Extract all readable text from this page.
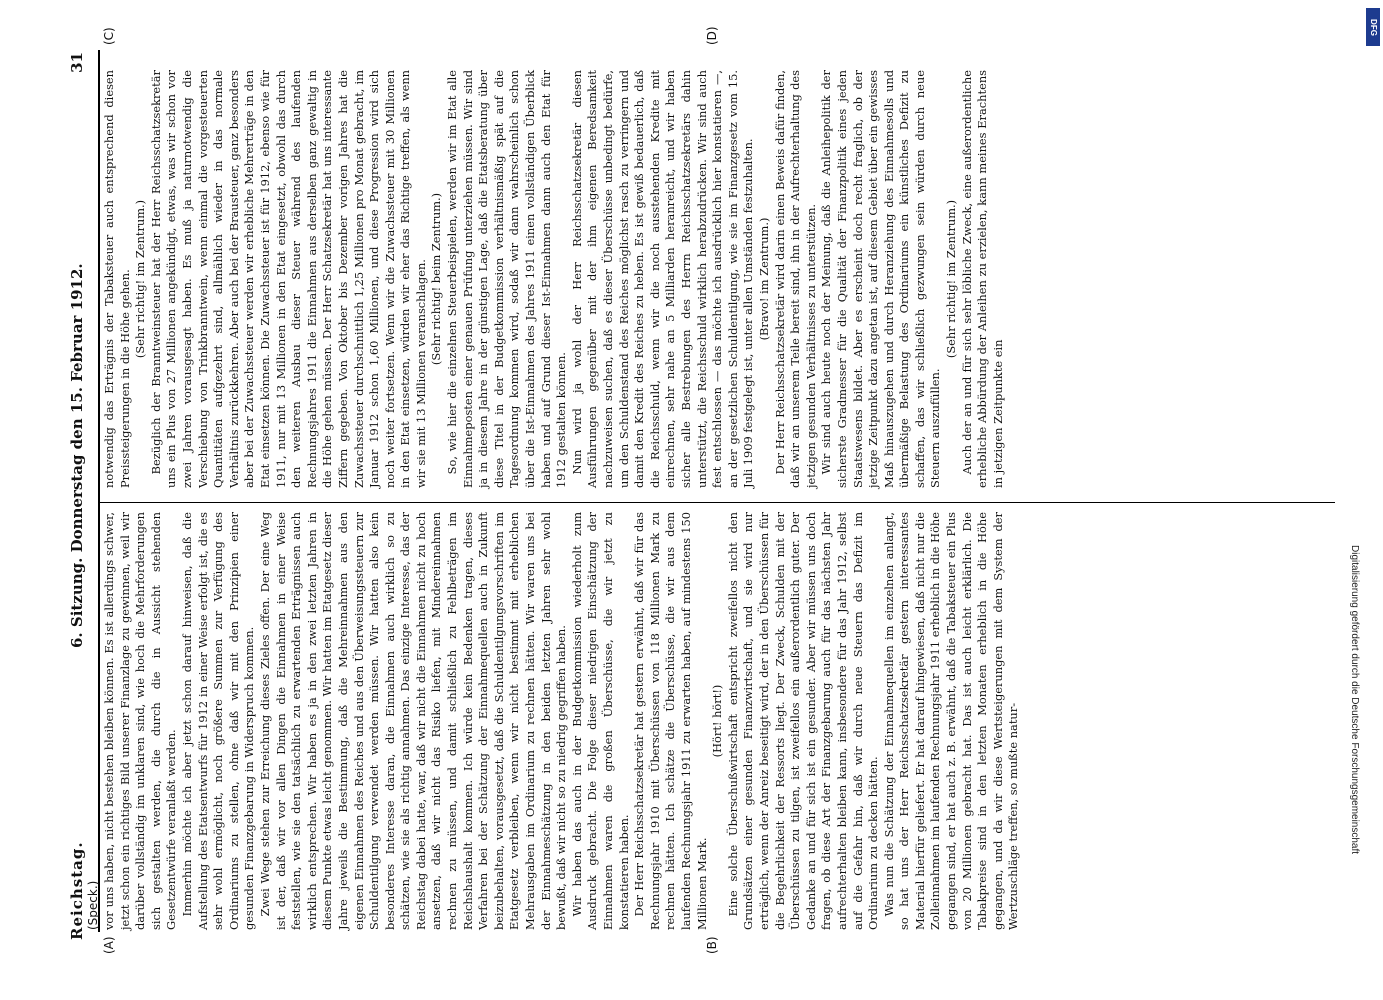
Reichstag.
6. Sitzung. Donnerstag den 15. Februar 1912.
31
(Speck.)
(A)	(B)
(C)	(D)

vor uns haben, nicht bestehen bleiben können. Es ist allerdings schwer, jetzt schon ein richtiges Bild unserer Finanzlage zu gewinnen, weil wir darüber vollständig im unklaren sind, wie hoch die Mehrforderungen sich gestalten werden, die durch die in Aussicht stehenden Gesetzentwürfe veranlaßt werden. Immerhin möchte ich aber jetzt schon darauf hinweisen, daß die Aufstellung des Etatsentwurfs für 1912 in einer Weise erfolgt ist, die es sehr wohl ermöglicht, noch größere Summen zur Verfügung des Ordinariums zu stellen, ohne daß wir mit den Prinzipien einer gesunden Finanzgebarung in Widerspruch kommen. Zwei Wege stehen zur Erreichung dieses Zieles offen. Der eine Weg ist der, daß wir vor allen Dingen die Einnahmen in einer Weise feststellen, wie sie den tatsächlich zu erwartenden Erträgnissen auch wirklich entsprechen. Wir haben es ja in den zwei letzten Jahren in diesem Punkte etwas leicht genommen. Wir hatten im Etatgesetz dieser Jahre jeweils die Bestimmung, daß die Mehreinnahmen aus den eigenen Einnahmen des Reiches und aus den Überweisungssteuern zur Schuldentilgung verwendet werden müssen. Wir hatten also kein besonderes Interesse daran, die Einnahmen auch wirklich so zu schätzen, wie sie als richtig annahmen. Das einzige Interesse, das der Reichstag dabei hatte, war, daß wir nicht die Einnahmen nicht zu hoch ansetzen, daß wir nicht das Risiko liefen, mit Mindereinnahmen rechnen zu müssen, und damit schließlich zu Fehlbeträgen im Reichshaushalt kommen. Ich würde kein Bedenken tragen, dieses Verfahren bei der Schätzung der Einnahmequellen auch in Zukunft beizubehalten, vorausgesetzt, daß die Schuldentilgungsvorschriften im Etatgesetz verbleiben, wenn wir nicht bestimmt mit erheblichen Mehrausgaben im Ordinarium zu rechnen hätten. Wir waren uns bei der Einnahmeschätzung in den beiden letzten Jahren sehr wohl bewußt, daß wir nicht so zu niedrig gegriffen haben. Wir haben das auch in der Budgetkommission wiederholt zum Ausdruck gebracht. Die Folge dieser niedrigen Einschätzung der Einnahmen waren die großen Überschüsse, die wir jetzt zu konstatieren haben. Der Herr Reichsschatzsekretär hat gestern erwähnt, daß wir für das Rechnungsjahr 1910 mit Überschüssen von 118 Millionen Mark zu rechnen hätten. Ich schätze die Überschüsse, die wir aus dem laufenden Rechnungsjahr 1911 zu erwarten haben, auf mindestens 150 Millionen Mark.

(Hört! hört!) Eine solche Überschußwirtschaft entspricht zweifellos nicht den Grundsätzen einer gesunden Finanzwirtschaft, und sie wird nur erträglich, wenn der Anreiz beseitigt wird, der in den Überschüssen für die Begehrlichkeit der Ressorts liegt. Der Zweck, Schulden mit der Überschüssen zu tilgen, ist zweifellos ein außerordentlich guter. Der Gedanke an und für sich ist ein gesunder. Aber wir müssen uns doch fragen, ob diese Art der Finanzgebarung auch für das nächsten Jahr aufrechterhalten bleiben kann, insbesondere für das Jahr 1912, selbst auf die Gefahr hin, daß wir durch neue Steuern das Defizit im Ordinarium zu decken hätten. Was nun die Schätzung der Einnahmequellen im einzelnen anlangt, so hat uns der Herr Reichsschatzsekretär gestern interessantes Material hierfür geliefert. Er hat darauf hingewiesen, daß nicht nur die Zolleinnahmen im laufenden Rechnungsjahr 1911 erheblich in die Höhe gegangen sind, er hat auch z. B. erwähnt, daß die Tabaksteuer ein Plus von 20 Millionen gebracht hat. Das ist auch leicht erklärlich. Die Tabakpreise sind in den letzten Monaten erheblich in die Höhe gegangen, und da wir diese Wertsteigerungen mit dem System der Wertzuschläge treffen, so mußte natur-

notwendig das Erträgnis der Tabaksteuer auch entsprechend diesen Preissteigerungen in die Höhe gehen. (Sehr richtig! im Zentrum.) Bezüglich der Branntweinsteuer hat der Herr Reichsschatzsekretär uns ein Plus von 27 Millionen angekündigt, etwas, was wir schon vor zwei Jahren vorausgesagt haben. Es muß ja naturnotwendig die Verschiebung von Trinkbranntwein, wenn einmal die vorgesteuerten Quantitäten aufgezehrt sind, allmählich wieder in das normale Verhältnis zurückkehren. Aber auch bei der Brausteuer, ganz besonders aber bei der Zuwachssteuer werden wir erhebliche Mehrerträge in den Etat einsetzen können. Die Zuwachssteuer ist für 1912, ebenso wie für 1911, nur mit 13 Millionen in den Etat eingesetzt, obwohl das durch den weiteren Ausbau dieser Steuer während des laufenden Rechnungsjahres 1911 die Einnahmen aus derselben ganz gewaltig in die Höhe gehen müssen. Der Herr Schatzsekretär hat uns interessante Ziffern gegeben. Von Oktober bis Dezember vorigen Jahres hat die Zuwachssteuer durchschnittlich 1,25 Millionen pro Monat gebracht, im Januar 1912 schon 1,60 Millionen, und diese Progression wird sich noch weiter fortsetzen. Wenn wir die Zuwachssteuer mit 30 Millionen in den Etat einsetzen, würden wir eher das Richtige treffen, als wenn wir sie mit 13 Millionen veranschlagen. (Sehr richtig! beim Zentrum.) So, wie hier die einzelnen Steuerbeispielen, werden wir im Etat alle Einnahmeposten einer genauen Prüfung unterziehen müssen. Wir sind ja in diesem Jahre in der günstigen Lage, daß die Etatsberatung über diese Titel in der Budgetkommission verhältnismäßig spät auf die Tagesordnung kommen wird, sodaß wir dann wahrscheinlich schon über die Ist-Einnahmen des Jahres 1911 einen vollständigen Überblick haben und auf Grund dieser Ist-Einnahmen dann auch den Etat für 1912 gestalten können. Nun wird ja wohl der Herr Reichsschatzsekretär diesen Ausführungen gegenüber mit der ihm eigenen Beredsamkeit nachzuweisen suchen, daß es dieser Überschüsse unbedingt bedürfe, um den Schuldenstand des Reiches möglichst rasch zu verringern und damit den Kredit des Reiches zu heben. Es ist gewiß bedauerlich, daß die Reichsschuld, wenn wir die noch ausstehenden Kredite mit einrechnen, sehr nahe an 5 Milliarden heranreicht, und wir haben sicher alle Bestrebungen des Herrn Reichsschatzsekretärs dahin unterstützt, die Reichsschuld wirklich herabzudrücken. Wir sind auch fest entschlossen — das möchte ich ausdrücklich hier konstatieren —, an der gesetzlichen Schuldentilgung, wie sie im Finanzgesetz vom 15. Juli 1909 festgelegt ist, unter allen Umständen festzuhalten. (Bravo! im Zentrum.) Der Herr Reichsschatzsekretär wird darin einen Beweis dafür finden, daß wir an unserem Teile bereit sind, ihn in der Aufrechterhaltung des jetzigen gesunden Verhältnisses zu unterstützen. Wir sind auch heute noch der Meinung, daß die Anleihepolitik der sicherste Gradmesser für die Qualität der Finanzpolitik eines jeden Staatswesens bildet. Aber es erscheint doch recht fraglich, ob der jetzige Zeitpunkt dazu angetan ist, auf diesem Gebiet über ein gewisses Maß hinauszugehen und durch Heranziehung des Einnahmesolls und übermäßige Belastung des Ordinariums ein künstliches Defizit zu schaffen, das wir schließlich gezwungen sein würden durch neue Steuern auszufüllen.

(Sehr richtig! im Zentrum.) Auch der an und für sich sehr löbliche Zweck, eine außerordentliche erhebliche Abbürdung der Anleihen zu erzielen, kann meines Erachtens in jetzigen Zeitpunkte ein

DFG
Digitalisierung gefördert durch die Deutsche Forschungsgemeinschaft
